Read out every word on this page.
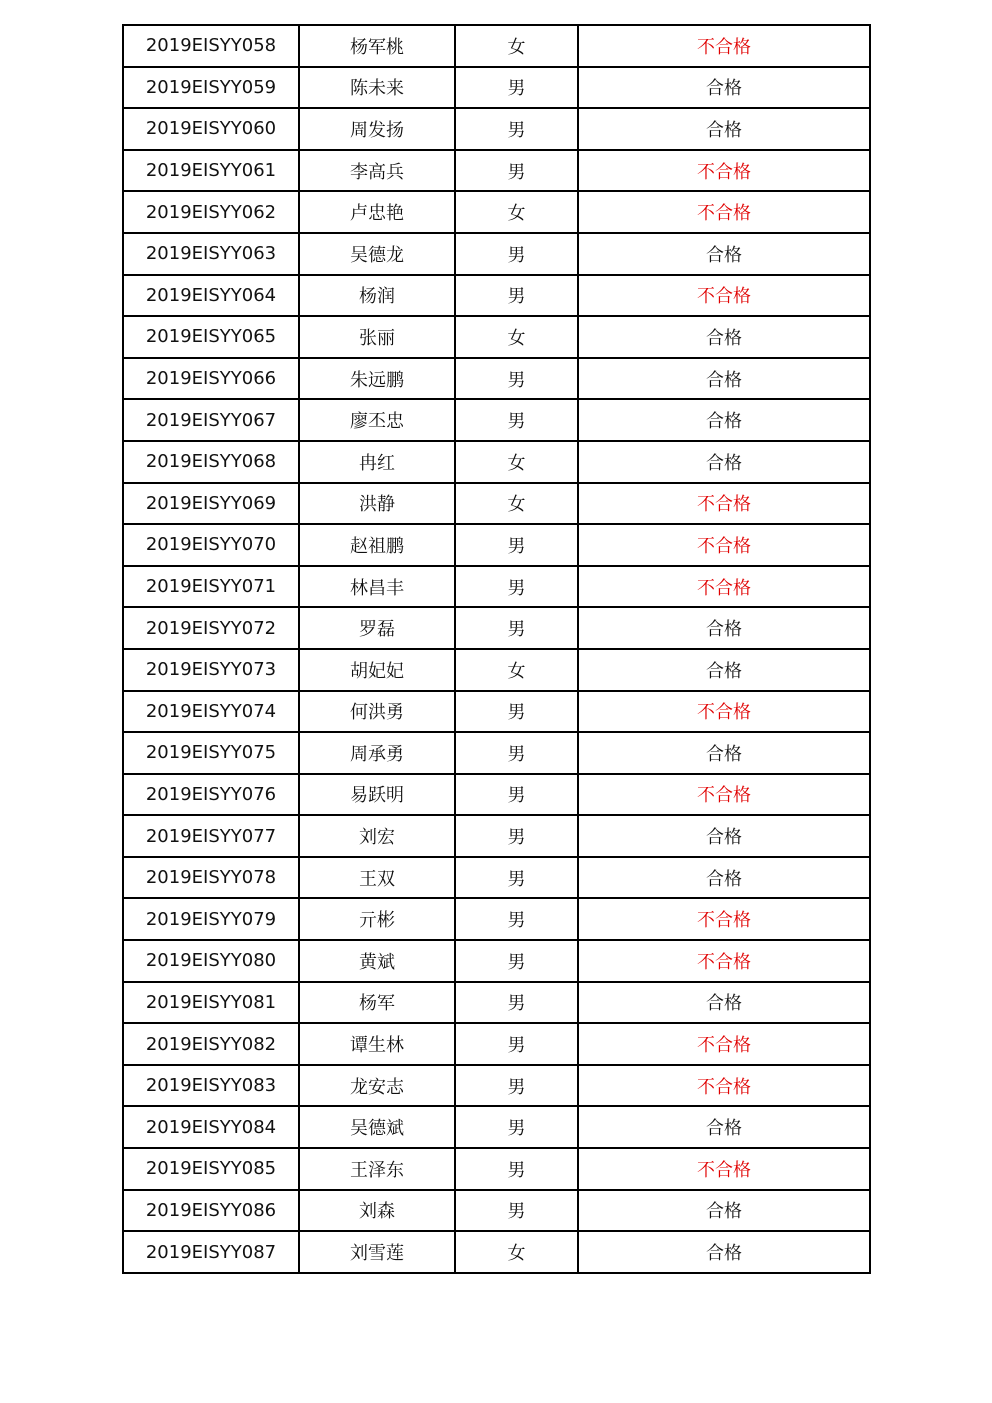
2019EISYY058	杨军桃	女	不合格
2019EISYY059	陈未来	男	合格
2019EISYY060	周发扬	男	合格
2019EISYY061	李高兵	男	不合格
2019EISYY062	卢忠艳	女	不合格
2019EISYY063	吴德龙	男	合格
2019EISYY064	杨润	男	不合格
2019EISYY065	张丽	女	合格
2019EISYY066	朱远鹏	男	合格
2019EISYY067	廖丕忠	男	合格
2019EISYY068	冉红	女	合格
2019EISYY069	洪静	女	不合格
2019EISYY070	赵祖鹏	男	不合格
2019EISYY071	林昌丰	男	不合格
2019EISYY072	罗磊	男	合格
2019EISYY073	胡妃妃	女	合格
2019EISYY074	何洪勇	男	不合格
2019EISYY075	周承勇	男	合格
2019EISYY076	易跃明	男	不合格
2019EISYY077	刘宏	男	合格
2019EISYY078	王双	男	合格
2019EISYY079	亓彬	男	不合格
2019EISYY080	黄斌	男	不合格
2019EISYY081	杨军	男	合格
2019EISYY082	谭生林	男	不合格
2019EISYY083	龙安志	男	不合格
2019EISYY084	吴德斌	男	合格
2019EISYY085	王泽东	男	不合格
2019EISYY086	刘森	男	合格
2019EISYY087	刘雪莲	女	合格
